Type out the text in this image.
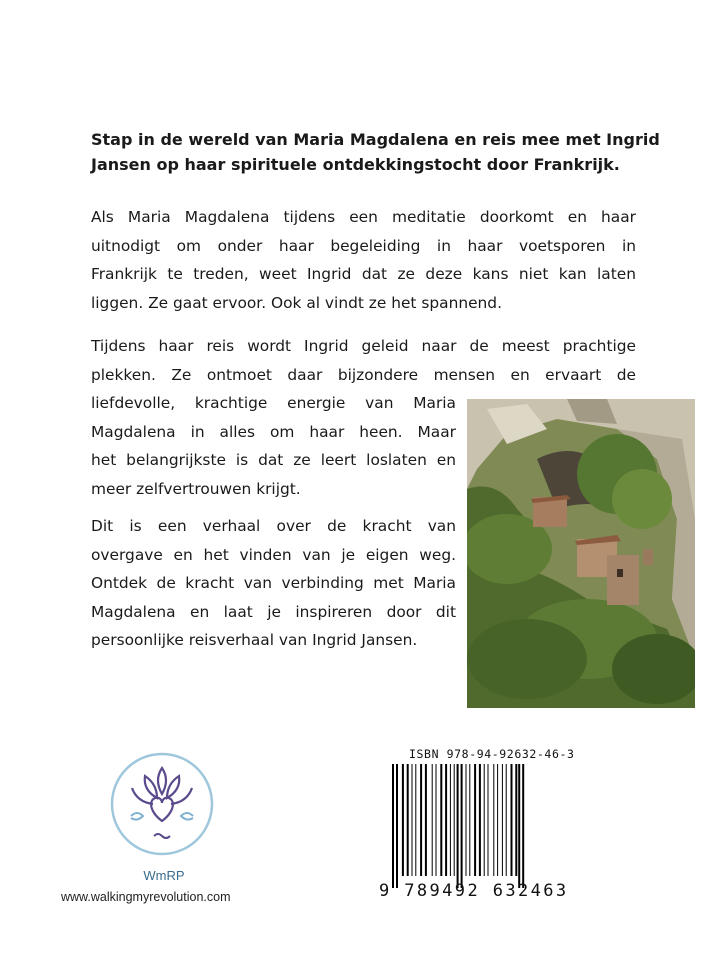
Stap in de wereld van Maria Magdalena en reis mee met Ingrid
Jansen op haar spirituele ontdekkingstocht door Frankrijk.

Als Maria Magdalena tijdens een meditatie doorkomt en haar
uitnodigt om onder haar begeleiding in haar voetsporen in
Frankrijk te treden, weet Ingrid dat ze deze kans niet kan laten
liggen. Ze gaat ervoor. Ook al vindt ze het spannend.

Tijdens haar reis wordt Ingrid geleid naar de meest prachtige
plekken. Ze ontmoet daar bijzondere mensen en ervaart de
liefdevolle, krachtige energie van Maria
Magdalena in alles om haar heen. Maar
het belangrijkste is dat ze leert loslaten en
meer zelfvertrouwen krijgt.

Dit is een verhaal over de kracht van
overgave en het vinden van je eigen weg.
Ontdek de kracht van verbinding met Maria
Magdalena en laat je inspireren door dit
persoonlijke reisverhaal van Ingrid Jansen.

WmRP
www.walkingmyrevolution.com
ISBN 978-94-92632-46-3
9 789492 632463
